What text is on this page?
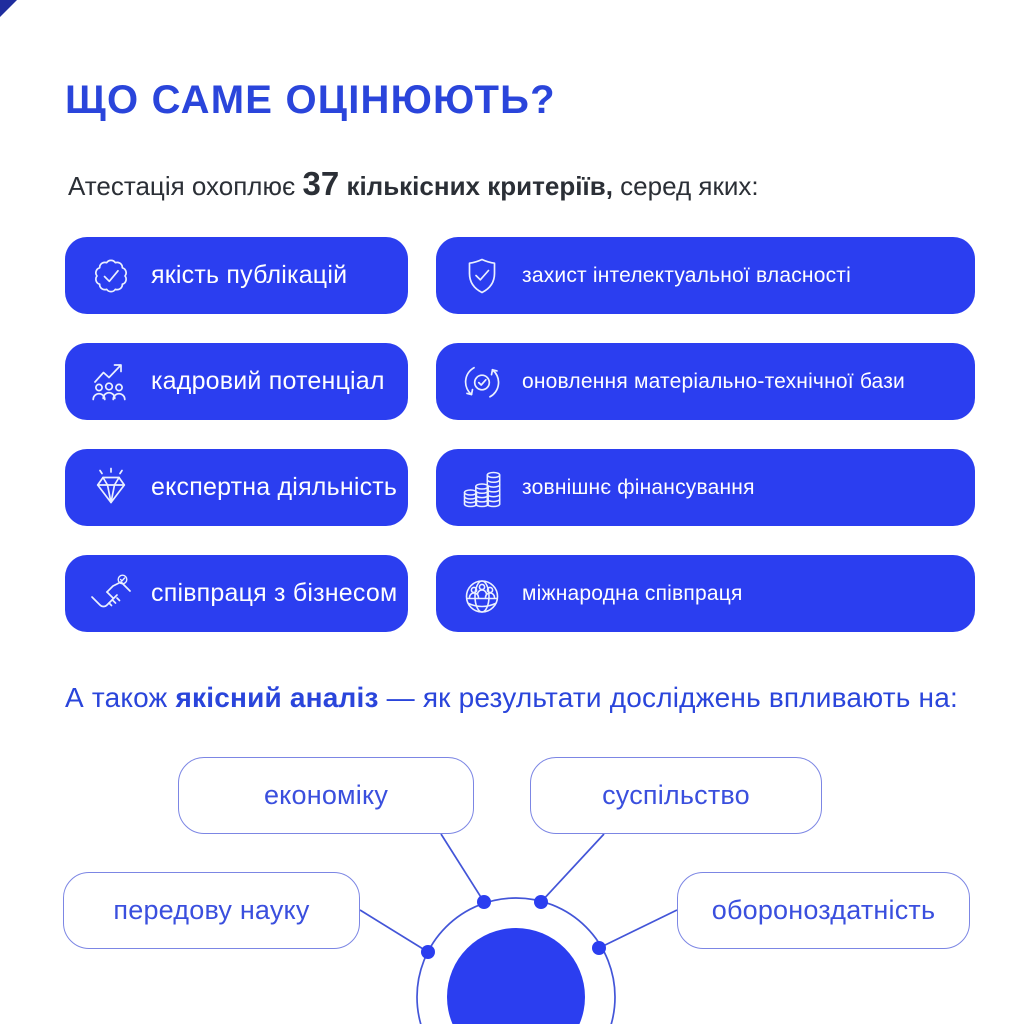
ЩО САМЕ ОЦІНЮЮТЬ?
Атестація охоплює 37 кількісних критеріїв, серед яких:
якість публікацій	захист інтелектуальної власності
кадровий потенціал	оновлення матеріально-технічної бази
експертна діяльність	зовнішнє фінансування
співпраця з бізнесом	міжнародна співпраця
А також якісний аналіз — як результати досліджень впливають на:
економіку	суспільство
передову науку	обороноздатність
